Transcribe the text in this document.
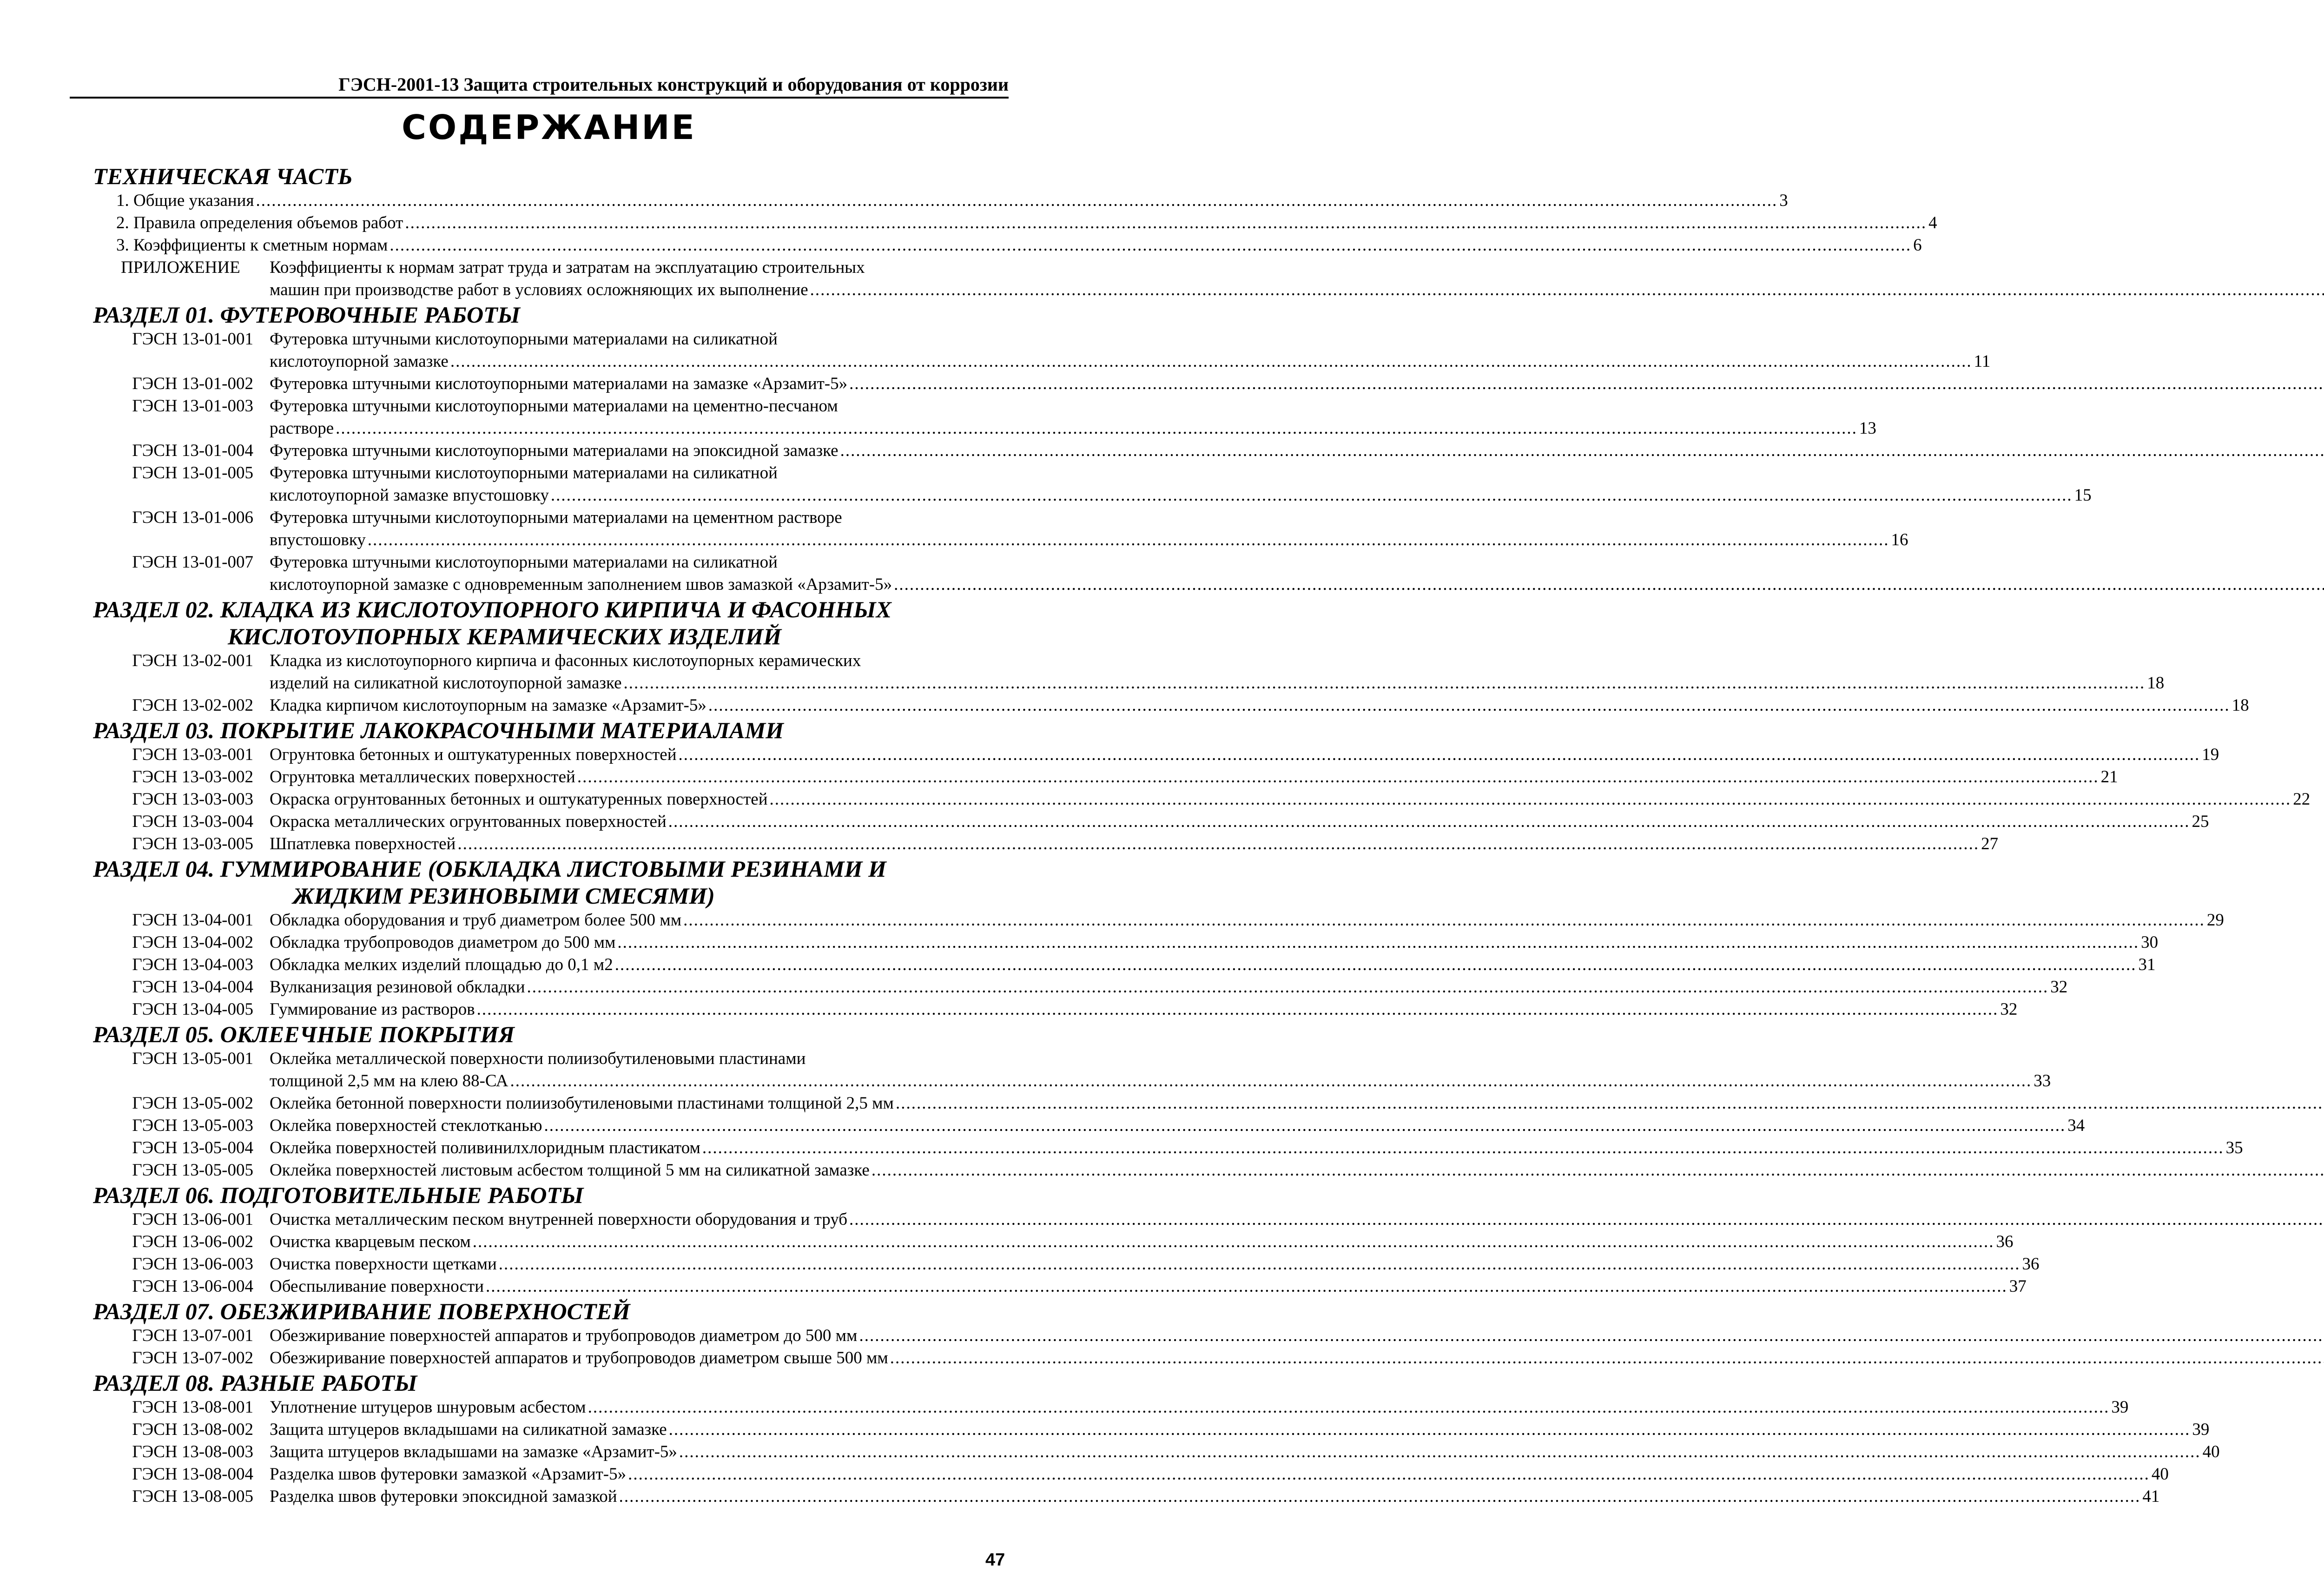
ГЭСН-2001-13 Защита строительных конструкций и оборудования от коррозии
СОДЕРЖАНИЕ
ТЕХНИЧЕСКАЯ ЧАСТЬ
1. Общие указания .....	3
2. Правила определения объемов работ .....	4
3. Коэффициенты к сметным нормам .....	6
ПРИЛОЖЕНИЕ	Коэффициенты к нормам затрат труда и затратам на эксплуатацию строительных
машин при производстве работ в условиях осложняющих их выполнение
.....
РАЗДЕЛ 01. ФУТЕРОВОЧНЫЕ РАБОТЫ
ГЭСН 13-01-001 Футеровка штучными кислотоупорными материалами на силикатной
кислотоупорной замазке .....	11
ГЭСН 13-01-002 Футеровка штучными кислотоупорными материалами на замазке «Арзамит-5»
.....
ГЭСН 13-01-003 Футеровка штучными кислотоупорными материалами на цементно-песчаном
растворе .....	13
ГЭСН 13-01-004 Футеровка штучными кислотоупорными материалами на эпоксидной замазке
.....
ГЭСН 13-01-005 Футеровка штучными кислотоупорными материалами на силикатной
кислотоупорной замазке впустошовку .....	15
ГЭСН 13-01-006 Футеровка штучными кислотоупорными материалами на цементном растворе
впустошовку .....	16
ГЭСН 13-01-007 Футеровка штучными кислотоупорными материалами на силикатной
кислотоупорной замазке с одновременным заполнением швов замазкой «Арзамит-5»
.....
РАЗДЕЛ 02. КЛАДКА ИЗ КИСЛОТОУПОРНОГО КИРПИЧА И ФАСОННЫХ
КИСЛОТОУПОРНЫХ КЕРАМИЧЕСКИХ ИЗДЕЛИЙ
ГЭСН 13-02-001 Кладка из кислотоупорного кирпича и фасонных кислотоупорных керамических
изделий на силикатной кислотоупорной замазке .....	18
ГЭСН 13-02-002 Кладка кирпичом кислотоупорным на замазке «Арзамит-5» .....	18
РАЗДЕЛ 03. ПОКРЫТИЕ ЛАКОКРАСОЧНЫМИ МАТЕРИАЛАМИ
ГЭСН 13-03-001 Огрунтовка бетонных и оштукатуренных поверхностей .....	19
ГЭСН 13-03-002 Огрунтовка металлических поверхностей .....	21
ГЭСН 13-03-003 Окраска огрунтованных бетонных и оштукатуренных поверхностей .....	22
ГЭСН 13-03-004 Окраска металлических огрунтованных поверхностей .....	25
ГЭСН 13-03-005 Шпатлевка поверхностей .....	27
РАЗДЕЛ 04. ГУММИРОВАНИЕ (ОБКЛАДКА ЛИСТОВЫМИ РЕЗИНАМИ И
ЖИДКИМ РЕЗИНОВЫМИ СМЕСЯМИ)
ГЭСН 13-04-001 Обкладка оборудования и труб диаметром более 500 мм .....	29
ГЭСН 13-04-002 Обкладка трубопроводов диаметром до 500 мм .....	30
ГЭСН 13-04-003 Обкладка мелких изделий площадью до 0,1 м2 .....	31
ГЭСН 13-04-004 Вулканизация резиновой обкладки .....	32
ГЭСН 13-04-005 Гуммирование из растворов .....	32
РАЗДЕЛ 05. ОКЛЕЕЧНЫЕ ПОКРЫТИЯ
ГЭСН 13-05-001 Оклейка металлической поверхности полиизобутиленовыми пластинами
толщиной 2,5 мм на клею 88-СА .....	33
ГЭСН 13-05-002 Оклейка бетонной поверхности полиизобутиленовыми пластинами толщиной 2,5 мм
.....
ГЭСН 13-05-003 Оклейка поверхностей стеклотканью .....	34
ГЭСН 13-05-004 Оклейка поверхностей поливинилхлоридным пластикатом .....	35
ГЭСН 13-05-005 Оклейка поверхностей листовым асбестом толщиной 5 мм на силикатной замазке
.....
РАЗДЕЛ 06. ПОДГОТОВИТЕЛЬНЫЕ РАБОТЫ
ГЭСН 13-06-001 Очистка металлическим песком внутренней поверхности оборудования и труб
.....
ГЭСН 13-06-002 Очистка кварцевым песком .....	36
ГЭСН 13-06-003 Очистка поверхности щетками .....	36
ГЭСН 13-06-004 Обеспыливание поверхности .....	37
РАЗДЕЛ 07. ОБЕЗЖИРИВАНИЕ ПОВЕРХНОСТЕЙ
ГЭСН 13-07-001 Обезжиривание поверхностей аппаратов и трубопроводов диаметром до 500 мм
.....
ГЭСН 13-07-002 Обезжиривание поверхностей аппаратов и трубопроводов диаметром свыше 500 мм
.....
РАЗДЕЛ 08. РАЗНЫЕ РАБОТЫ
ГЭСН 13-08-001 Уплотнение штуцеров шнуровым асбестом .....	39
ГЭСН 13-08-002 Защита штуцеров вкладышами на силикатной замазке .....	39
ГЭСН 13-08-003 Защита штуцеров вкладышами на замазке «Арзамит-5» .....	40
ГЭСН 13-08-004 Разделка швов футеровки замазкой «Арзамит-5» .....	40
ГЭСН 13-08-005 Разделка швов футеровки эпоксидной замазкой .....	41
47
